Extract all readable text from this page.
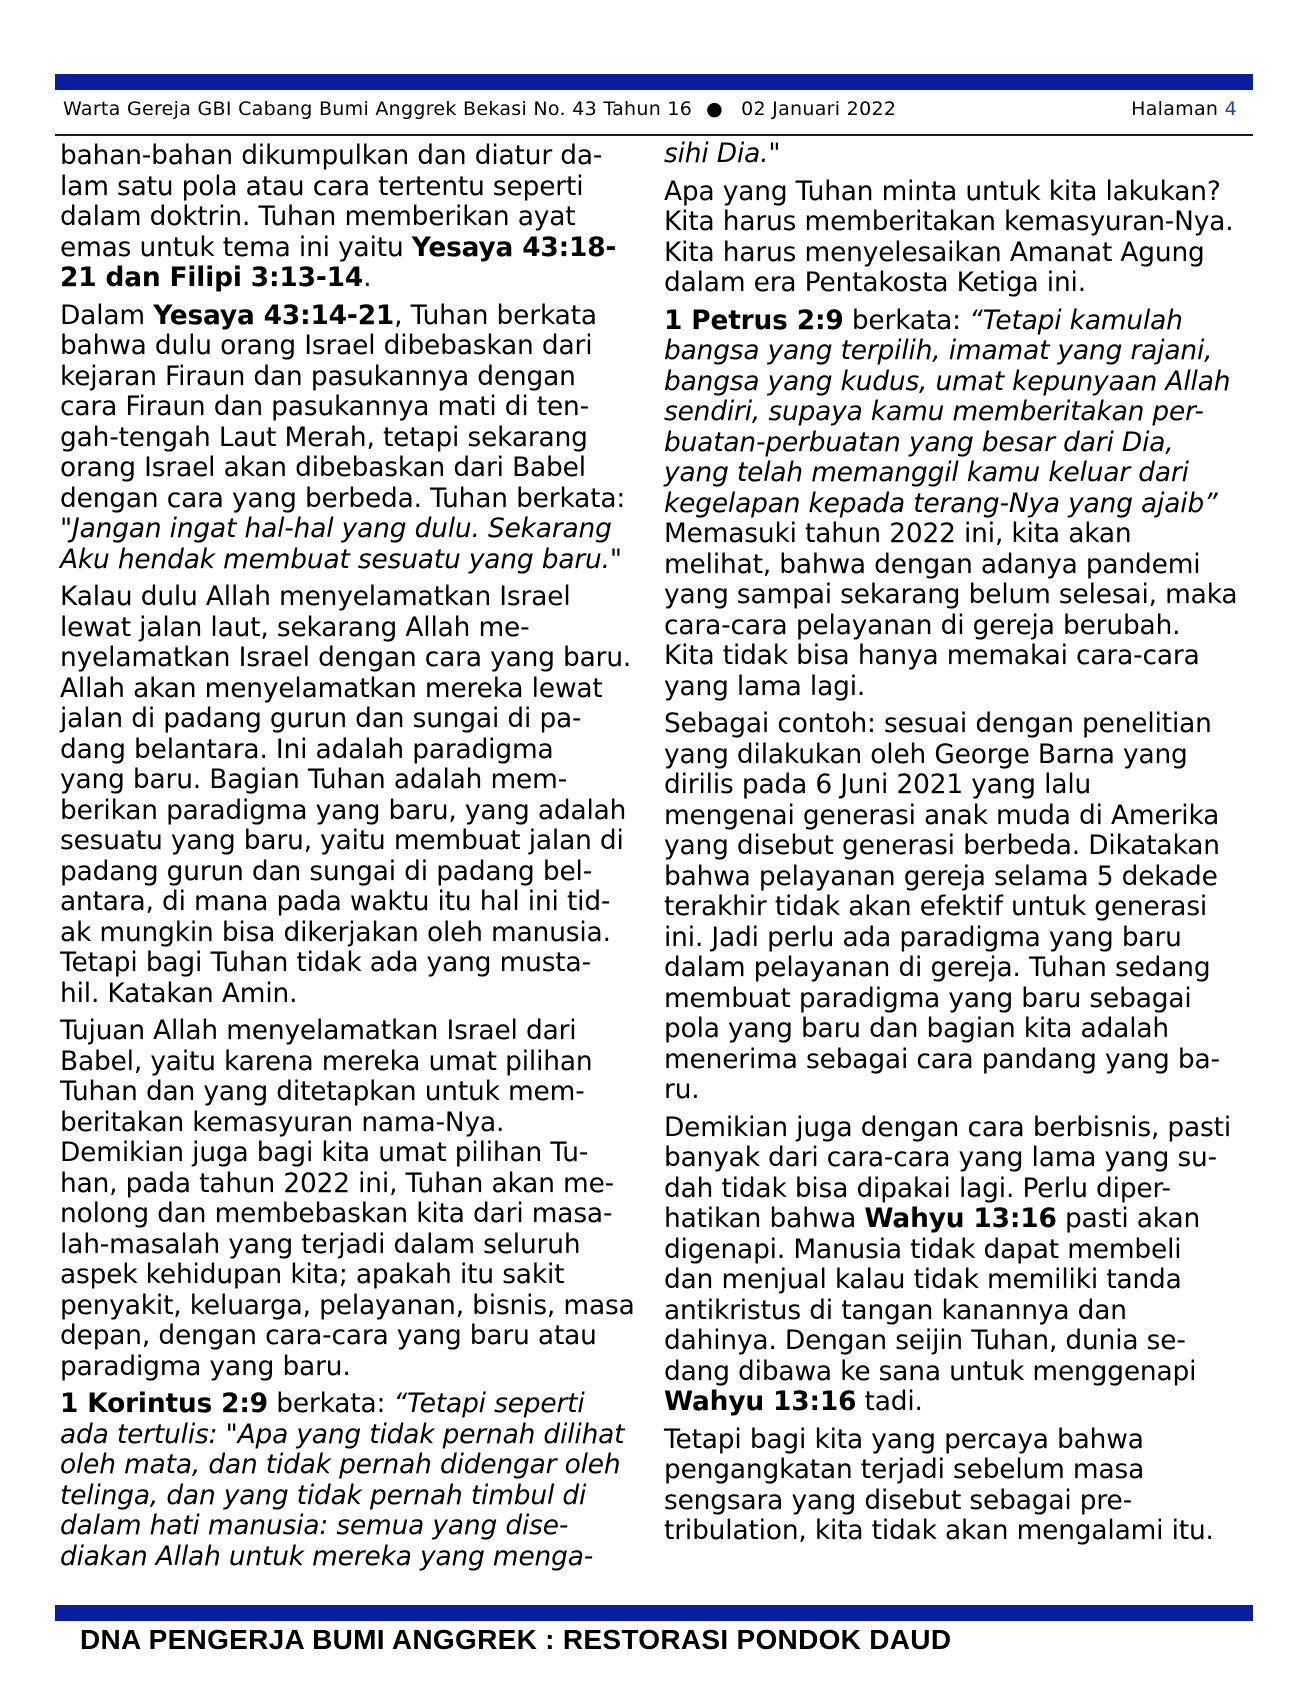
Warta Gereja GBI Cabang Bumi Anggrek Bekasi No. 43 Tahun 16 ● 02 Januari 2022	Halaman 4
bahan-bahan dikumpulkan dan diatur da-
lam satu pola atau cara tertentu seperti
dalam doktrin. Tuhan memberikan ayat
emas untuk tema ini yaitu Yesaya 43:18-
21 dan Filipi 3:13-14.
Dalam Yesaya 43:14-21, Tuhan berkata
bahwa dulu orang Israel dibebaskan dari
kejaran Firaun dan pasukannya dengan
cara Firaun dan pasukannya mati di ten-
gah-tengah Laut Merah, tetapi sekarang
orang Israel akan dibebaskan dari Babel
dengan cara yang berbeda. Tuhan berkata:
"Jangan ingat hal-hal yang dulu. Sekarang
Aku hendak membuat sesuatu yang baru."
Kalau dulu Allah menyelamatkan Israel
lewat jalan laut, sekarang Allah me-
nyelamatkan Israel dengan cara yang baru.
Allah akan menyelamatkan mereka lewat
jalan di padang gurun dan sungai di pa-
dang belantara. Ini adalah paradigma
yang baru. Bagian Tuhan adalah mem-
berikan paradigma yang baru, yang adalah
sesuatu yang baru, yaitu membuat jalan di
padang gurun dan sungai di padang bel-
antara, di mana pada waktu itu hal ini tid-
ak mungkin bisa dikerjakan oleh manusia.
Tetapi bagi Tuhan tidak ada yang musta-
hil. Katakan Amin.
Tujuan Allah menyelamatkan Israel dari
Babel, yaitu karena mereka umat pilihan
Tuhan dan yang ditetapkan untuk mem-
beritakan kemasyuran nama-Nya.
Demikian juga bagi kita umat pilihan Tu-
han, pada tahun 2022 ini, Tuhan akan me-
nolong dan membebaskan kita dari masa-
lah-masalah yang terjadi dalam seluruh
aspek kehidupan kita; apakah itu sakit
penyakit, keluarga, pelayanan, bisnis, masa
depan, dengan cara-cara yang baru atau
paradigma yang baru.
1 Korintus 2:9 berkata: “Tetapi seperti
ada tertulis: "Apa yang tidak pernah dilihat
oleh mata, dan tidak pernah didengar oleh
telinga, dan yang tidak pernah timbul di
dalam hati manusia: semua yang dise-
diakan Allah untuk mereka yang menga-
sihi Dia."
Apa yang Tuhan minta untuk kita lakukan?
Kita harus memberitakan kemasyuran-Nya.
Kita harus menyelesaikan Amanat Agung
dalam era Pentakosta Ketiga ini.
1 Petrus 2:9 berkata: “Tetapi kamulah
bangsa yang terpilih, imamat yang rajani,
bangsa yang kudus, umat kepunyaan Allah
sendiri, supaya kamu memberitakan per-
buatan-perbuatan yang besar dari Dia,
yang telah memanggil kamu keluar dari
kegelapan kepada terang-Nya yang ajaib”
Memasuki tahun 2022 ini, kita akan
melihat, bahwa dengan adanya pandemi
yang sampai sekarang belum selesai, maka
cara-cara pelayanan di gereja berubah.
Kita tidak bisa hanya memakai cara-cara
yang lama lagi.
Sebagai contoh: sesuai dengan penelitian
yang dilakukan oleh George Barna yang
dirilis pada 6 Juni 2021 yang lalu
mengenai generasi anak muda di Amerika
yang disebut generasi berbeda. Dikatakan
bahwa pelayanan gereja selama 5 dekade
terakhir tidak akan efektif untuk generasi
ini. Jadi perlu ada paradigma yang baru
dalam pelayanan di gereja. Tuhan sedang
membuat paradigma yang baru sebagai
pola yang baru dan bagian kita adalah
menerima sebagai cara pandang yang ba-
ru.
Demikian juga dengan cara berbisnis, pasti
banyak dari cara-cara yang lama yang su-
dah tidak bisa dipakai lagi. Perlu diper-
hatikan bahwa Wahyu 13:16 pasti akan
digenapi. Manusia tidak dapat membeli
dan menjual kalau tidak memiliki tanda
antikristus di tangan kanannya dan
dahinya. Dengan seijin Tuhan, dunia se-
dang dibawa ke sana untuk menggenapi
Wahyu 13:16 tadi.
Tetapi bagi kita yang percaya bahwa
pengangkatan terjadi sebelum masa
sengsara yang disebut sebagai pre-
tribulation, kita tidak akan mengalami itu.
DNA PENGERJA BUMI ANGGREK : RESTORASI PONDOK DAUD
